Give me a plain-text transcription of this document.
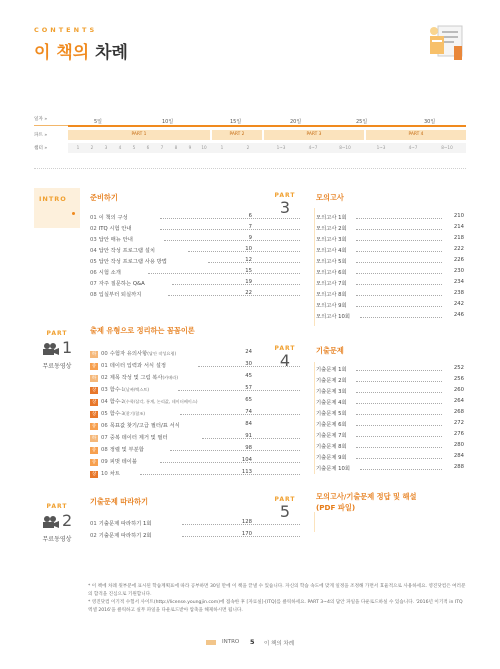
CONTENTS
이 책의 차례
일자 »	5일	10일	15일	20일	25일	30일
파트 »	PART 1	PART 2	PART 3	PART 4
챕터 »	1	2	3	4	5	6	7	8	9	10	1	2	1~3	4~7	8~10	1~3	4~7	8~10
INTRO	준비하기
01 이 책의 구성	6
02 ITQ 시험 안내	7
03 답안 매뉴 안내	9
04 답안 작성 프로그램 설치	10
05 답안 작성 프로그램 사용 방법	12
06 시험 소개	15
07 자주 질문하는 Q&A	19
08 입실부터 퇴실까지	22
PART
1
무료동영상
출제 유형으로 정리하는 꼼꼼이론
하 00 수험자 유의사항(답안 작성요령)	24
중 01 데이터 입력과 서식 설정	30
하 02 제목 작성 및 그림 복사(카메라)	45
상 03 함수-1(날짜/텍스트)	57
상 04 함수-2(수학/삼각, 통계, 논리값, 데이터베이스)	65
상 05 함수-3(찾기/참조)	74
중 06 목표값 찾기/고급 필터/표 서식	84
하 07 중복 데이터 제거 및 필터	91
중 08 정렬 및 부분합	98
중 09 피벗 테이블	104
상 10 차트	113
PART
2
무료동영상
기출문제 따라하기
01 기출문제 따라하기 1회	128
02 기출문제 따라하기 2회	170
PART
3
모의고사
모의고사 1회	210
모의고사 2회	214
모의고사 3회	218
모의고사 4회	222
모의고사 5회	226
모의고사 6회	230
모의고사 7회	234
모의고사 8회	238
모의고사 9회	242
모의고사 10회	246
PART
4
기출문제
기출문제 1회	252
기출문제 2회	256
기출문제 3회	260
기출문제 4회	264
기출문제 5회	268
기출문제 6회	272
기출문제 7회	276
기출문제 8회	280
기출문제 9회	284
기출문제 10회	288
PART
5
모의고사/기출문제 정답 및 해설
(PDF 파일)

* 이 책에 차례 윗부분에 표시된 학습계획표에 따라 공부하면 30일 만에 이 책을 끝낼 수 있습니다. 자신의 학습 속도에 맞게 일정을 조정해 가면서 효율적으로 사용하세요. 영진닷컴은 여러분의 합격을 진심으로 기원합니다.

* 영진닷컴 이기적 수험서 사이트(http://license.youngjin.com)에 접속한 후 [자료실]-[ITQ]를 클릭하세요. PART 3~4의 답안 파일을 다운로드하실 수 있습니다. '2016년 이기적 in ITQ 엑셀 2016'을 클릭하고 실무 파일을 다운로드받아 압축을 해제하시면 됩니다.

INTRO 5 이 책의 차례
